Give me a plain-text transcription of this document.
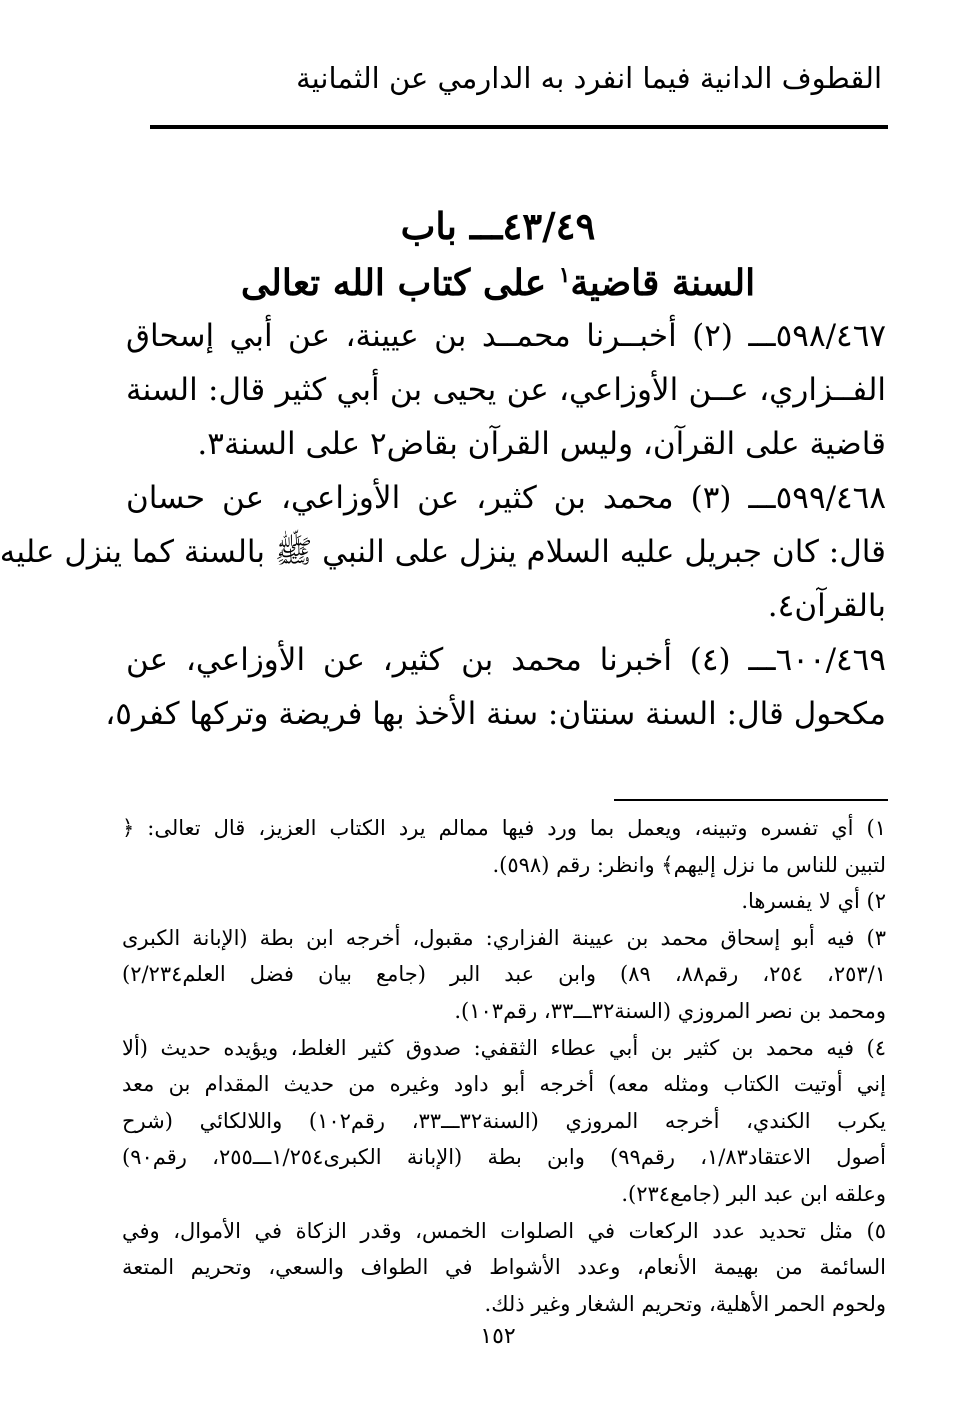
القطوف الدانية فيما انفرد به الدارمي عن الثمانية
٤٣/٤٩ـــ باب
السنة قاضية$^١$ على كتاب الله تعالى
٥٩٨/٤٦٧ـــ (٢) أخبــرنا محمــد بن عيينة، عن أبي إسحاق
الفــزاري، عــن الأوزاعي، عن يحيى بن أبي كثير قال: السنة
قاضية على القرآن، وليس القرآن بقاض٢ على السنة٣.
٥٩٩/٤٦٨ـــ (٣) محمد بن كثير، عن الأوزاعي، عن حسان
قال: كان جبريل عليه السلام ينزل على النبي ﷺ بالسنة كما ينزل عليه
بالقرآن٤.
٦٠٠/٤٦٩ـــ (٤) أخبرنا محمد بن كثير، عن الأوزاعي، عن
مكحول قال: السنة سنتان: سنة الأخذ بها فريضة وتركها كفر٥،
١) أي تفسره وتبينه، ويعمل بما ورد فيها ممالم يرد الكتاب العزيز، قال تعالى: ﴿
لتبين للناس ما نزل إليهم﴾ وانظر: رقم (٥٩٨).
٢) أي لا يفسرها.
٣) فيه أبو إسحاق محمد بن عيينة الفزاري: مقبول، أخرجه ابن بطة (الإبانة الكبرى
٢٥٣/١، ٢٥٤، رقم٨٨، ٨٩) وابن عبد البر (جامع بيان فضل العلم٢/٢٣٤)
ومحمد بن نصر المروزي (السنة٣٢ـــ٣٣، رقم١٠٣).
٤) فيه محمد بن كثير بن أبي عطاء الثقفي: صدوق كثير الغلط، ويؤيده حديث (ألا
إني أوتيت الكتاب ومثله معه) أخرجه أبو داود وغيره من حديث المقدام بن معد
يكرب الكندي، أخرجه المروزي (السنة٣٢ـــ٣٣، رقم١٠٢) واللالكائي (شرح
أصول الاعتقاد١/٨٣، رقم٩٩) وابن بطة (الإبانة الكبرى١/٢٥٤ـــ٢٥٥، رقم٩٠)
وعلقه ابن عبد البر (جامع٢٣٤).
٥) مثل تحديد عدد الركعات في الصلوات الخمس، وقدر الزكاة في الأموال، وفي
السائمة من بهيمة الأنعام، وعدد الأشواط في الطواف والسعي، وتحريم المتعة
ولحوم الحمر الأهلية، وتحريم الشغار وغير ذلك.
١٥٢
